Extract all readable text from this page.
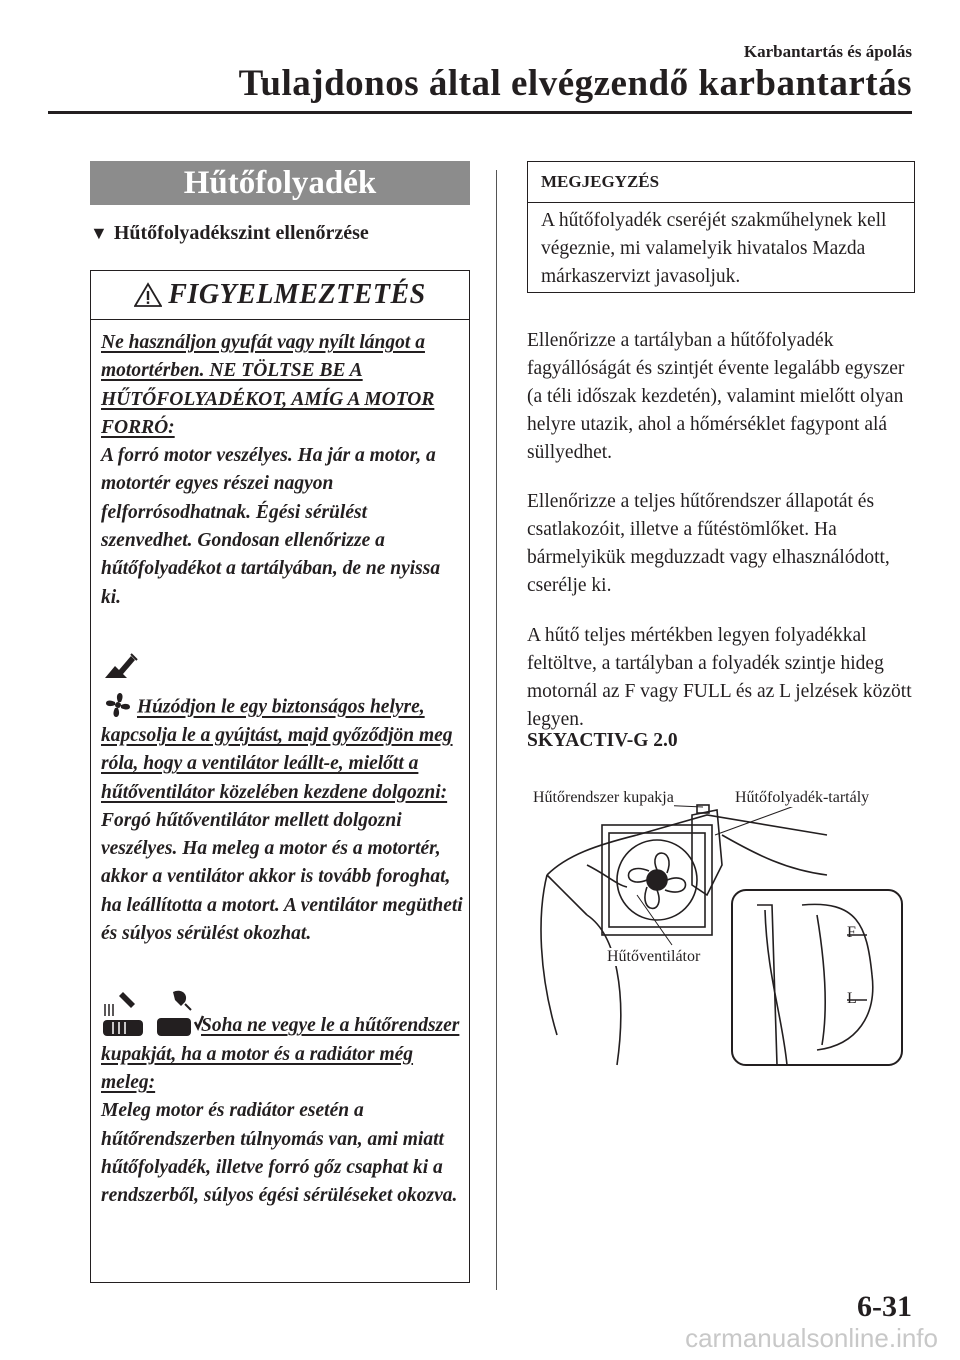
Karbantartás és ápolás
Tulajdonos által elvégzendő karbantartás
Hűtőfolyadék
▼ Hűtőfolyadékszint ellenőrzése
FIGYELMEZTETÉS

Ne használjon gyufát vagy nyílt lángot a motortérben. NE TÖLTSE BE A HŰTŐFOLYADÉKOT, AMÍG A MOTOR FORRÓ:

A forró motor veszélyes. Ha jár a motor, a motortér egyes részei nagyon felforrósodhatnak. Égési sérülést szenvedhet. Gondosan ellenőrizze a hűtőfolyadékot a tartályában, de ne nyissa ki.

Húzódjon le egy biztonságos helyre, kapcsolja le a gyújtást, majd győződjön meg róla, hogy a ventilátor leállt-e, mielőtt a hűtőventilátor közelében kezdene dolgozni:

Forgó hűtőventilátor mellett dolgozni veszélyes. Ha meleg a motor és a motortér, akkor a ventilátor akkor is tovább foroghat, ha leállította a motort. A ventilátor megütheti és súlyos sérülést okozhat.

Soha ne vegye le a hűtőrendszer kupakját, ha a motor és a radiátor még meleg:

Meleg motor és radiátor esetén a hűtőrendszerben túlnyomás van, ami miatt hűtőfolyadék, illetve forró gőz csaphat ki a rendszerből, súlyos égési sérüléseket okozva.

MEGJEGYZÉS
A hűtőfolyadék cseréjét szakműhelynek kell végeznie, mi valamelyik hivatalos Mazda márkaszervizt javasoljuk.

Ellenőrizze a tartályban a hűtőfolyadék fagyállóságát és szintjét évente legalább egyszer (a téli időszak kezdetén), valamint mielőtt olyan helyre utazik, ahol a hőmérséklet fagypont alá süllyedhet.

Ellenőrizze a teljes hűtőrendszer állapotát és csatlakozóit, illetve a fűtéstömlőket. Ha bármelyikük megduzzadt vagy elhasználódott, cserélje ki.

A hűtő teljes mértékben legyen folyadékkal feltöltve, a tartályban a folyadék szintje hideg motornál az F vagy FULL és az L jelzések között legyen.

SKYACTIV-G 2.0
F
L
Hűtőrendszer kupakja	Hűtőfolyadék-tartály
Hűtőventilátor
6-31
carmanualsonline.info
